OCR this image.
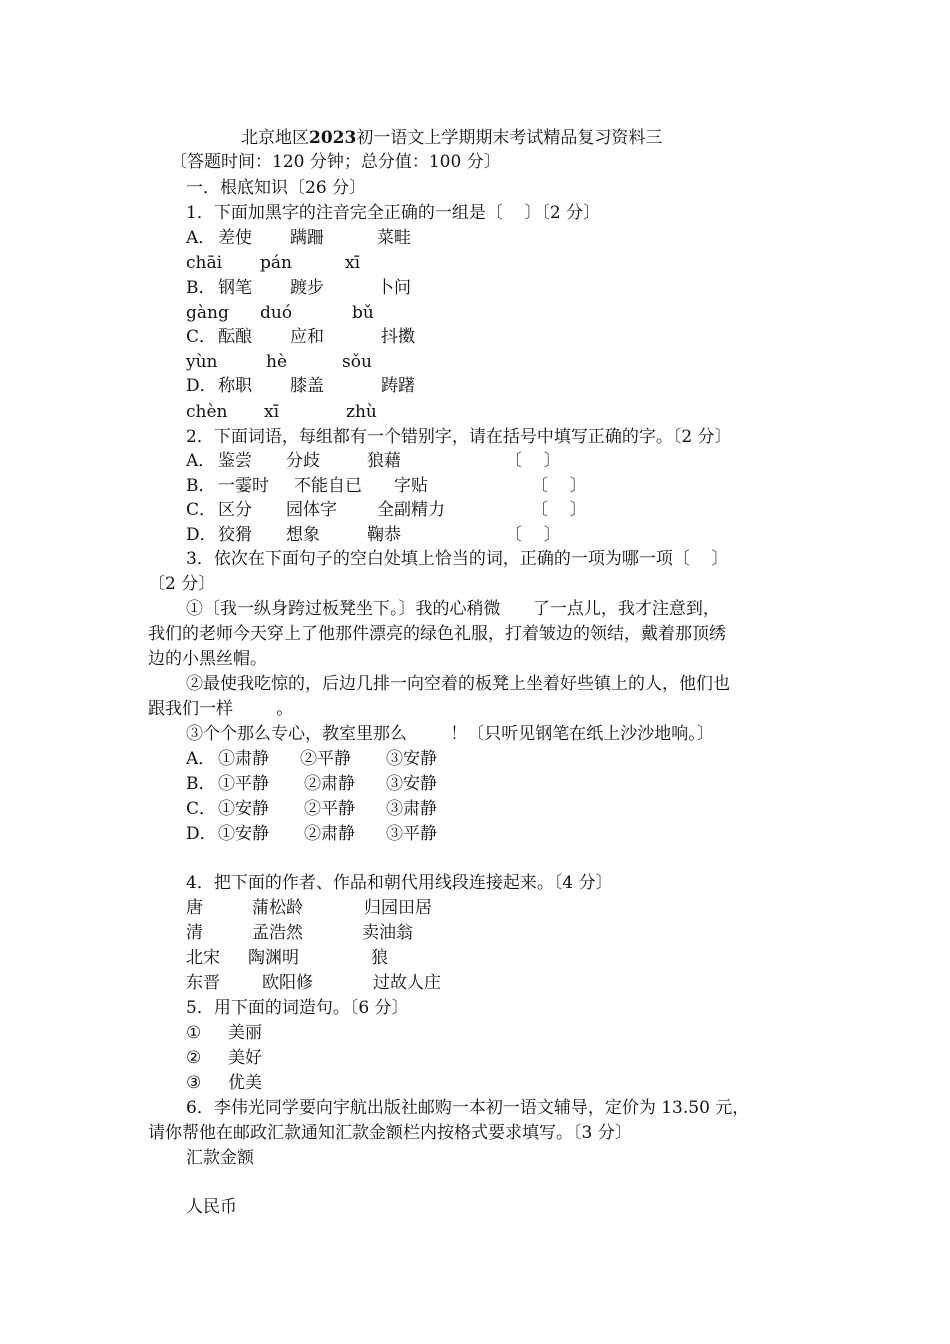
北京地区2023初一语文上学期期末考试精品复习资料三
〔答题时间：120 分钟；总分值：100 分〕
一．根底知识〔26 分〕
1．下面加黑字的注音完全正确的一组是〔    〕〔2 分〕
A． 差使 蹒跚	菜畦
chāi pán	xī
B． 钢笔 踱步	卜问
gàng duó	bǔ
C． 酝酿 应和	抖擞
yùn	hè	sǒu
D． 称职 膝盖	踌躇
chèn xī	zhù
2．下面词语，每组都有一个错别字，请在括号中填写正确的字。〔2 分〕
A． 鉴尝 分歧	狼藉	〔    〕
B． 一霎时 不能自已 字贴	〔    〕
C． 区分 园体字 全副精力	〔    〕
D． 狡猾 想象	鞠恭	〔    〕
3．依次在下面句子的空白处填上恰当的词，正确的一项为哪一项〔    〕
〔2 分〕
①〔我一纵身跨过板凳坐下。〕我的心稍微      了一点儿，我才注意到，
我们的老师今天穿上了他那件漂亮的绿色礼服，打着皱边的领结，戴着那顶绣
边的小黑丝帽。
②最使我吃惊的，后边几排一向空着的板凳上坐着好些镇上的人，他们也
跟我们一样        。
③个个那么专心，教室里那么        ！〔只听见钢笔在纸上沙沙地响。〕
A． ①肃静 ②平静 ③安静
B． ①平静 ②肃静 ③安静
C． ①安静 ②平静 ③肃静
D． ①安静 ②肃静 ③平静
4．把下面的作者、作品和朝代用线段连接起来。〔4 分〕
唐	蒲松龄	归园田居
清	孟浩然	卖油翁
北宋 陶渊明	狼
东晋 欧阳修	过故人庄
5．用下面的词造句。〔6 分〕
① 美丽
② 美好
③ 优美
6．李伟光同学要向宇航出版社邮购一本初一语文辅导，定价为 13.50 元，
请你帮他在邮政汇款通知汇款金额栏内按格式要求填写。〔3 分〕
汇款金额
人民币
